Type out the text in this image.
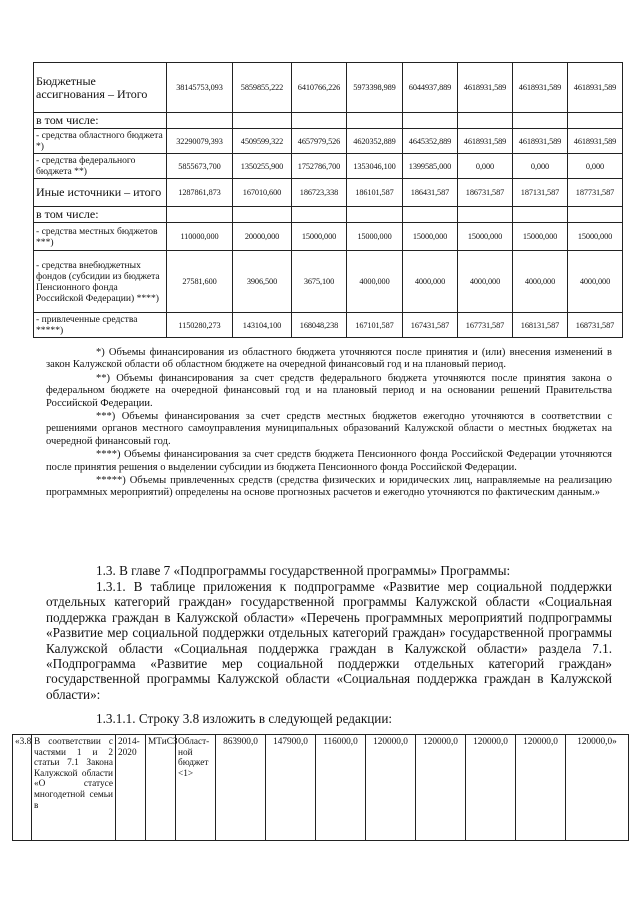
Бюджетные ассигнования – Итого	38145753,093	5859855,222	6410766,226	5973398,989	6044937,889	4618931,589	4618931,589	4618931,589
в том числе:								
- средства областного бюджета *)	32290079,393	4509599,322	4657979,526	4620352,889	4645352,889	4618931,589	4618931,589	4618931,589
- средства федерального бюджета **)	5855673,700	1350255,900	1752786,700	1353046,100	1399585,000	0,000	0,000	0,000
Иные источники – итого	1287861,873	167010,600	186723,338	186101,587	186431,587	186731,587	187131,587	187731,587
в том числе:								
- средства местных бюджетов ***)	110000,000	20000,000	15000,000	15000,000	15000,000	15000,000	15000,000	15000,000
- средства внебюджетных фондов (субсидии из бюджета Пенсионного фонда Российской Федерации) ****)	27581,600	3906,500	3675,100	4000,000	4000,000	4000,000	4000,000	4000,000
- привлеченные средства *****)	1150280,273	143104,100	168048,238	167101,587	167431,587	167731,587	168131,587	168731,587

*) Объемы финансирования из областного бюджета уточняются после принятия и (или) внесения изменений в закон Калужской области об областном бюджете на очередной финансовый год и на плановый период.

**) Объемы финансирования за счет средств федерального бюджета уточняются после принятия закона о федеральном бюджете на очередной финансовый год и на плановый период и на основании решений Правительства Российской Федерации.

***) Объемы финансирования за счет средств местных бюджетов ежегодно уточняются в соответствии с решениями органов местного самоуправления муниципальных образований Калужской области о местных бюджетах на очередной финансовый год.

****) Объемы финансирования за счет средств бюджета Пенсионного фонда Российской Федерации уточняются после принятия решения о выделении субсидии из бюджета Пенсионного фонда Российской Федерации.

*****) Объемы привлеченных средств (средства физических и юридических лиц, направляемые на реализацию программных мероприятий) определены на основе прогнозных расчетов и ежегодно уточняются по фактическим данным.»

1.3. В главе 7 «Подпрограммы государственной программы» Программы:

1.3.1. В таблице приложения к подпрограмме «Развитие мер социальной поддержки отдельных категорий граждан» государственной программы Калужской области «Социальная поддержка граждан в Калужской области» «Перечень программных мероприятий подпрограммы «Развитие мер социальной поддержки отдельных категорий граждан» государственной программы Калужской области «Социальная поддержка граждан в Калужской области» раздела 7.1. «Подпрограмма «Развитие мер социальной поддержки отдельных категорий граждан» государственной программы Калужской области «Социальная поддержка граждан в Калужской области»:

1.3.1.1. Строку 3.8 изложить в следующей редакции:

«3.8	В соответствии с частями 1 и 2 статьи 7.1 Закона Калужской области «О статусе многодетной семьи в	2014-2020	МТиСЗ	Област-ной бюджет <1>	863900,0	147900,0	116000,0	120000,0	120000,0	120000,0	120000,0	120000,0»
